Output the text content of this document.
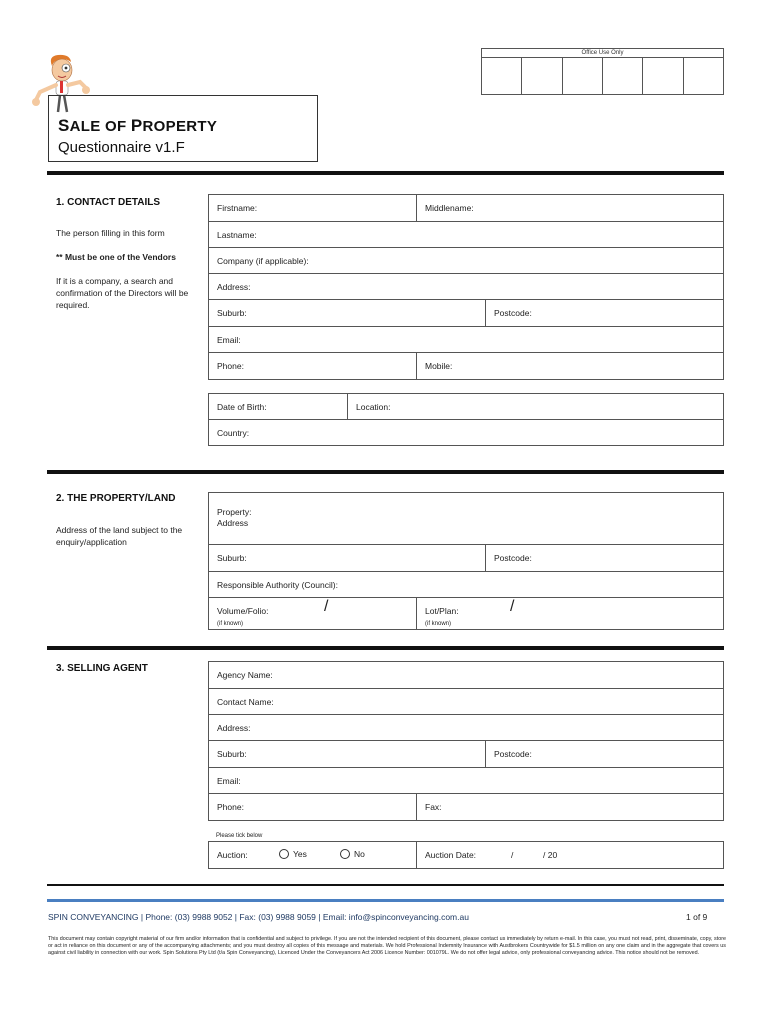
Office Use Only
SALE OF PROPERTY
Questionnaire v1.F
1. CONTACT DETAILS
The person filling in this form
** Must be one of the Vendors
If it is a company, a search and confirmation of the Directors will be required.
Firstname:	Middlename:
Lastname:
Company (if applicable):
Address:
Suburb:	Postcode:
Email:
Phone:	Mobile:
Date of Birth:	Location:
Country:
2. THE PROPERTY/LAND
Address of the land subject to the enquiry/application
Property:
Address
Suburb:	Postcode:
Responsible Authority (Council):
Volume/Folio:	/
(if known)
Lot/Plan:	/
(if known)
3. SELLING AGENT
Agency Name:
Contact Name:
Address:
Suburb:	Postcode:
Email:
Phone:	Fax:
Please tick below
Auction:	Yes	No	Auction Date:	/	/ 20
SPIN CONVEYANCING | Phone: (03) 9988 9052 | Fax: (03) 9988 9059 | Email: info@spinconveyancing.com.au	1 of 9
This document may contain copyright material of our firm and/or information that is confidential and subject to privilege. If you are not the intended recipient of this document, please contact us immediately by return e-mail. In this case, you must not read, print, disseminate, copy, store or act in reliance on this document or any of the accompanying attachments; and you must destroy all copies of this message and materials. We hold Professional Indemnity Insurance with Austbrokers Countrywide for $1.5 million on any one claim and in the aggregate that covers us against civil liability in connection with our work. Spin Solutions Pty Ltd (t/a Spin Conveyancing), Licenced Under the Conveyancers Act 2006 Licence Number: 001079L. We do not offer legal advice, only professional conveyancing advice. This notice should not be removed.
